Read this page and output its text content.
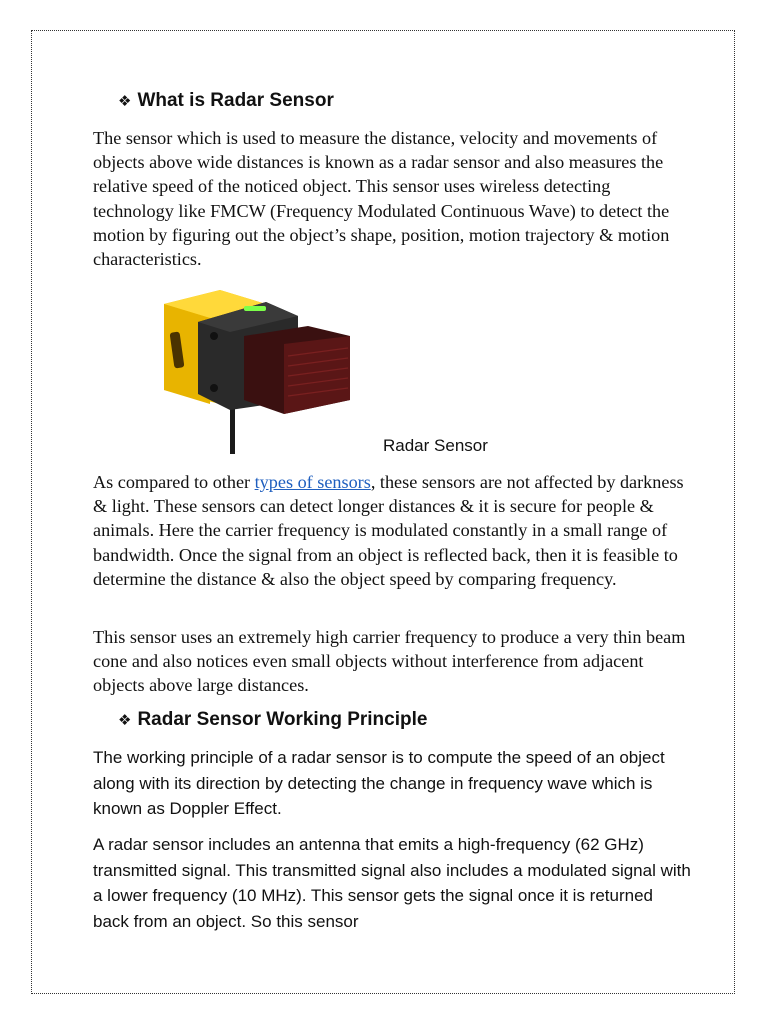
❖ What is Radar Sensor

The sensor which is used to measure the distance, velocity and movements of objects above wide distances is known as a radar sensor and also measures the relative speed of the noticed object. This sensor uses wireless detecting technology like FMCW (Frequency Modulated Continuous Wave) to detect the motion by figuring out the object’s shape, position, motion trajectory & motion characteristics.

Radar Sensor

As compared to other types of sensors, these sensors are not affected by darkness & light. These sensors can detect longer distances & it is secure for people & animals. Here the carrier frequency is modulated constantly in a small range of bandwidth. Once the signal from an object is reflected back, then it is feasible to determine the distance & also the object speed by comparing frequency.

This sensor uses an extremely high carrier frequency to produce a very thin beam cone and also notices even small objects without interference from adjacent objects above large distances.

❖ Radar Sensor Working Principle

The working principle of a radar sensor is to compute the speed of an object along with its direction by detecting the change in frequency wave which is known as Doppler Effect.

A radar sensor includes an antenna that emits a high-frequency (62 GHz) transmitted signal. This transmitted signal also includes a modulated signal with a lower frequency (10 MHz). This sensor gets the signal once it is returned back from an object. So this sensor
